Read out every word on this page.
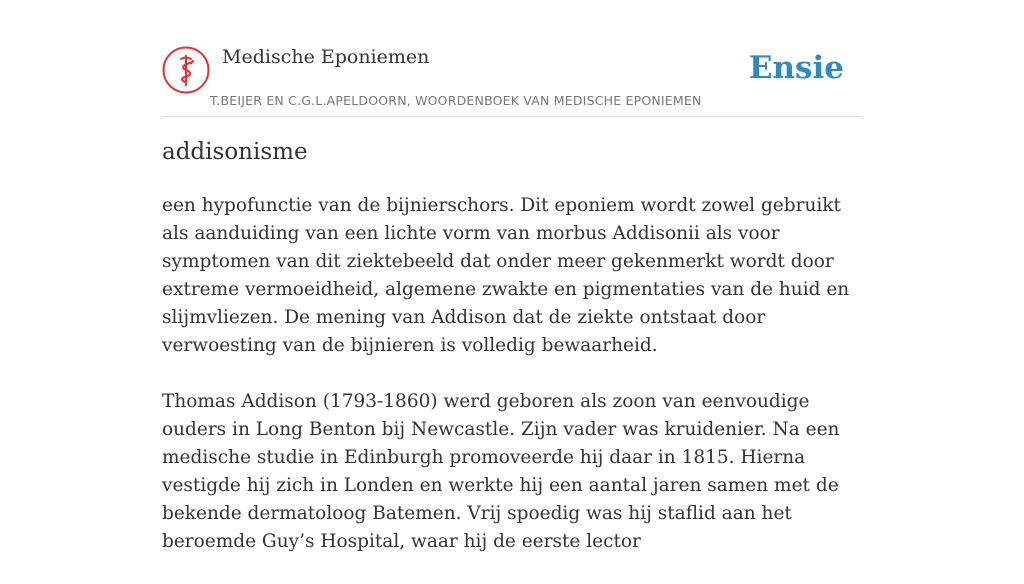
Medische Eponiemen
T.BEIJER EN C.G.L.APELDOORN, WOORDENBOEK VAN MEDISCHE EPONIEMEN
Ensie
addisonisme

een hypofunctie van de bijnierschors. Dit eponiem wordt zowel gebruikt als aanduiding van een lichte vorm van morbus Addisonii als voor symptomen van dit ziektebeeld dat onder meer gekenmerkt wordt door extreme vermoeidheid, algemene zwakte en pigmentaties van de huid en slijmvliezen. De mening van Addison dat de ziekte ontstaat door verwoesting van de bijnieren is volledig bewaarheid.

Thomas Addison (1793-1860) werd geboren als zoon van eenvoudige ouders in Long Benton bij Newcastle. Zijn vader was kruidenier. Na een medische studie in Edinburgh promoveerde hij daar in 1815. Hierna vestigde hij zich in Londen en werkte hij een aantal jaren samen met de bekende dermatoloog Batemen. Vrij spoedig was hij staflid aan het beroemde Guy’s Hospital, waar hij de eerste lector
